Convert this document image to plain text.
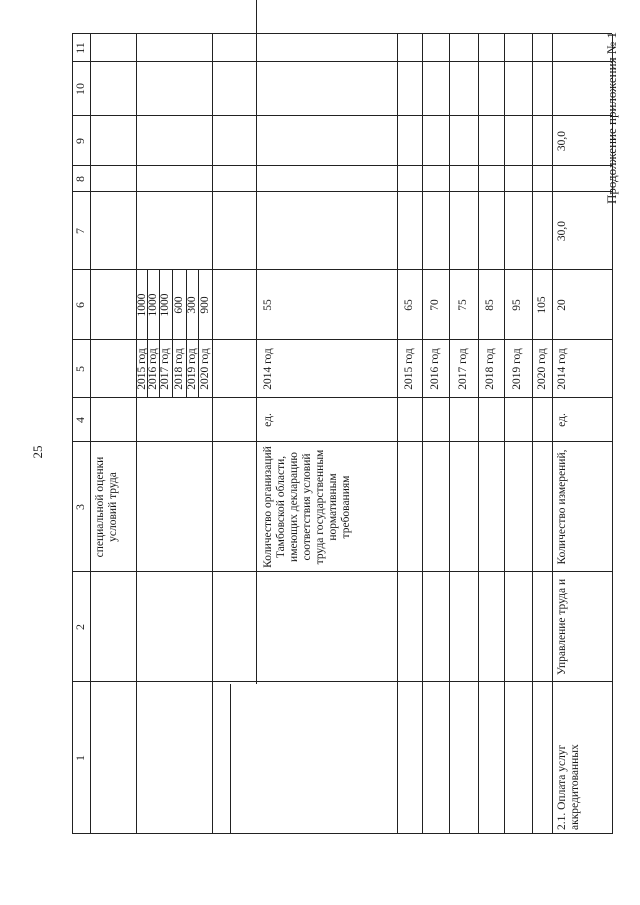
25
Продолжение приложения № 1
1
2
3
4
5
6
7
8
9
10
11
специальной оценки условий труда
2015 год
1000
2016 год
1000
2017 год
1000
2018 год
600
2019 год
300
2020 год
900
Количество организаций Тамбовской области, имеющих декларацию соответствия условий труда государственным нормативным требованиям
ед.
2014 год
55
2015 год
65
2016 год
70
2017 год
75
2018 год
85
2019 год
95
2020 год
105
2.1. Оплата услуг аккредитованных
Управление труда и
Количество измерений,
ед.
2014 год
20
30,0
30,0
